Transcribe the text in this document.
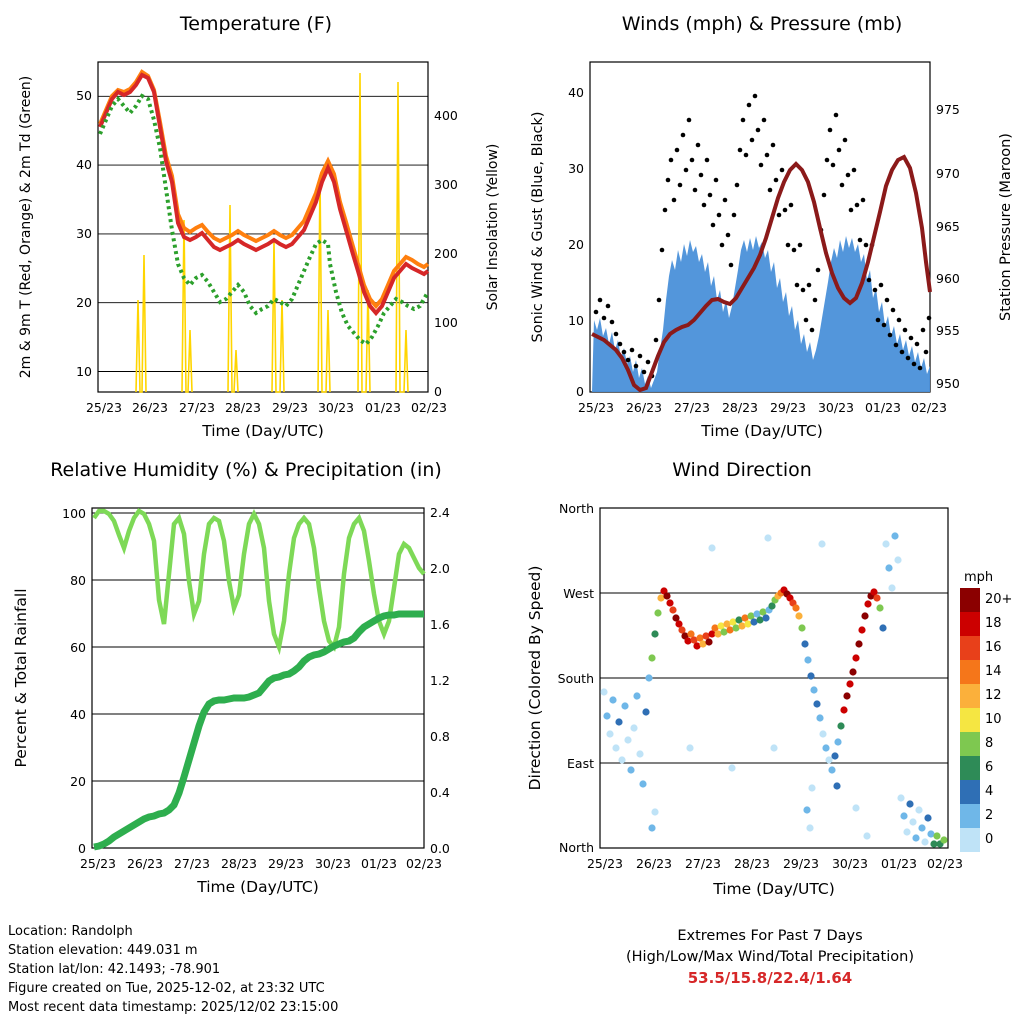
Temperature (F)
10
20
30
40
50
0
100
200
300
400
25/23 26/23 27/23 28/23 29/23 30/23 01/23 02/23
Time (Day/UTC)
2m & 9m T (Red, Orange) & 2m Td (Green)	Solar Insolation (Yellow)
Winds (mph) & Pressure (mb)
0
10
20
30
40
950
955
960
965
970
975
25/23 26/23 27/23 28/23 29/23 30/23 01/23 02/23
Time (Day/UTC)
Sonic Wind & Gust (Blue, Black)	Station Pressure (Maroon)
Relative Humidity (%) & Precipitation (in)
0
20
40
60
80
100
0.0
0.4
0.8
1.2
1.6
2.0
2.4
25/23 26/23 27/23 28/23 29/23 30/23 01/23 02/23
Time (Day/UTC)
Percent & Total Rainfall
Wind Direction
North
West
South
East
North
25/23 26/23 27/23 28/23 29/23 30/23 01/23 02/23
Time (Day/UTC)
Direction (Colored By Speed)	mph
20+
18
16
14
12
10
8
6
4
2
0
Location: Randolph
Station elevation: 449.031 m
Station lat/lon: 42.1493; -78.901
Figure created on Tue, 2025-12-02, at 23:32 UTC
Most recent data timestamp: 2025/12/02 23:15:00
Extremes For Past 7 Days
(High/Low/Max Wind/Total Precipitation)
53.5/15.8/22.4/1.64
